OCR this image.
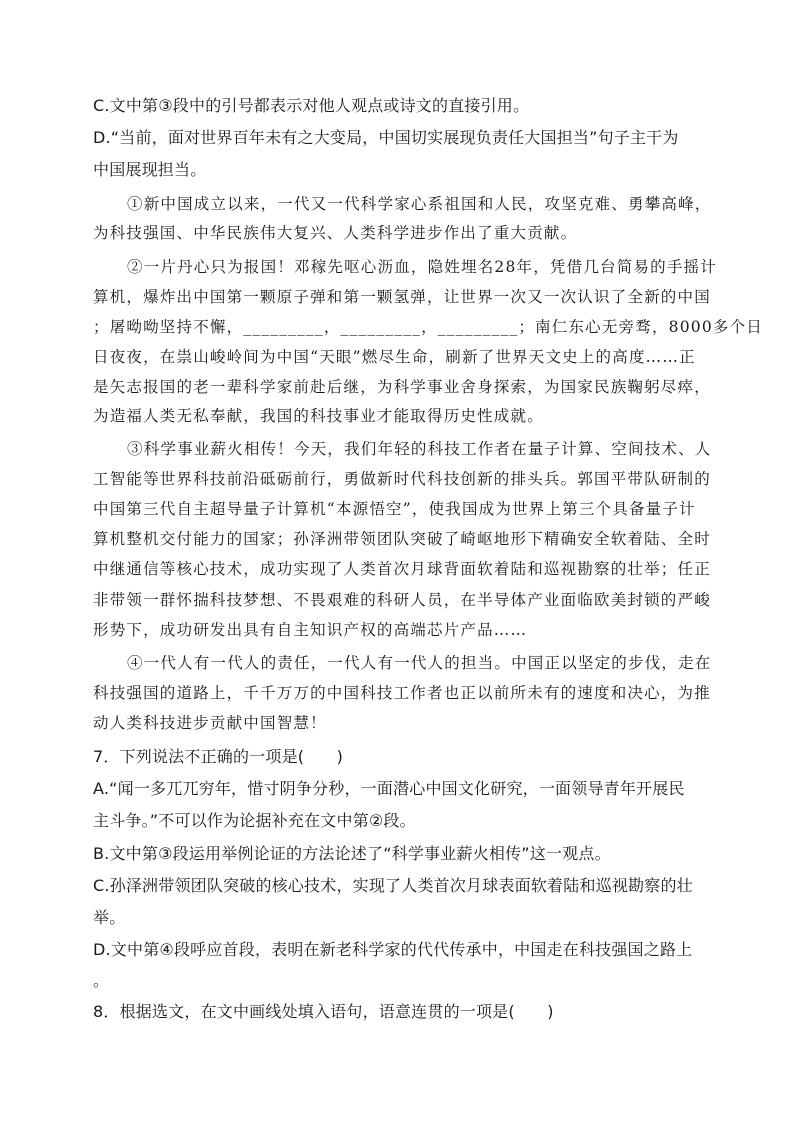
C.文中第③段中的引号都表示对他人观点或诗文的直接引用。
D.“当前，面对世界百年未有之大变局，中国切实展现负责任大国担当”句子主干为
中国展现担当。
①新中国成立以来，一代又一代科学家心系祖国和人民，攻坚克难、勇攀高峰，
为科技强国、中华民族伟大复兴、人类科学进步作出了重大贡献。
②一片丹心只为报国！邓稼先呕心沥血，隐姓埋名28年，凭借几台简易的手摇计
算机，爆炸出中国第一颗原子弹和第一颗氢弹，让世界一次又一次认识了全新的中国
；屠呦呦坚持不懈，_________，_________，_________；南仁东心无旁骛，8000多个日
日夜夜，在祟山峻岭间为中国“天眼”燃尽生命，刷新了世界天文史上的高度……正
是矢志报国的老一辈科学家前赴后继，为科学事业舍身探索，为国家民族鞠躬尽瘁，
为造福人类无私奉献，我国的科技事业才能取得历史性成就。
③科学事业薪火相传！今天，我们年轻的科技工作者在量子计算、空间技术、人
工智能等世界科技前沿砥砺前行，勇做新时代科技创新的排头兵。郭国平带队研制的
中国第三代自主超导量子计算机“本源悟空”，使我国成为世界上第三个具备量子计
算机整机交付能力的国家；孙泽洲带领团队突破了崎岖地形下精确安全软着陆、全时
中继通信等核心技术，成功实现了人类首次月球背面软着陆和巡视勘察的壮举；任正
非带领一群怀揣科技梦想、不畏艰难的科研人员，在半导体产业面临欧美封锁的严峻
形势下，成功研发出具有自主知识产权的高端芯片产品……
④一代人有一代人的责任，一代人有一代人的担当。中国正以坚定的步伐，走在
科技强国的道路上，千千万万的中国科技工作者也正以前所未有的速度和决心，为推
动人类科技进步贡献中国智慧！
7．下列说法不正确的一项是(　　)
A.“闻一多兀兀穷年，惜寸阴争分秒，一面潜心中国文化研究，一面领导青年开展民
主斗争。”不可以作为论据补充在文中第②段。
B.文中第③段运用举例论证的方法论述了“科学事业薪火相传”这一观点。
C.孙泽洲带领团队突破的核心技术，实现了人类首次月球表面软着陆和巡视勘察的壮
举。
D.文中第④段呼应首段，表明在新老科学家的代代传承中，中国走在科技强国之路上
。
8．根据选文，在文中画线处填入语句，语意连贯的一项是(　　)
